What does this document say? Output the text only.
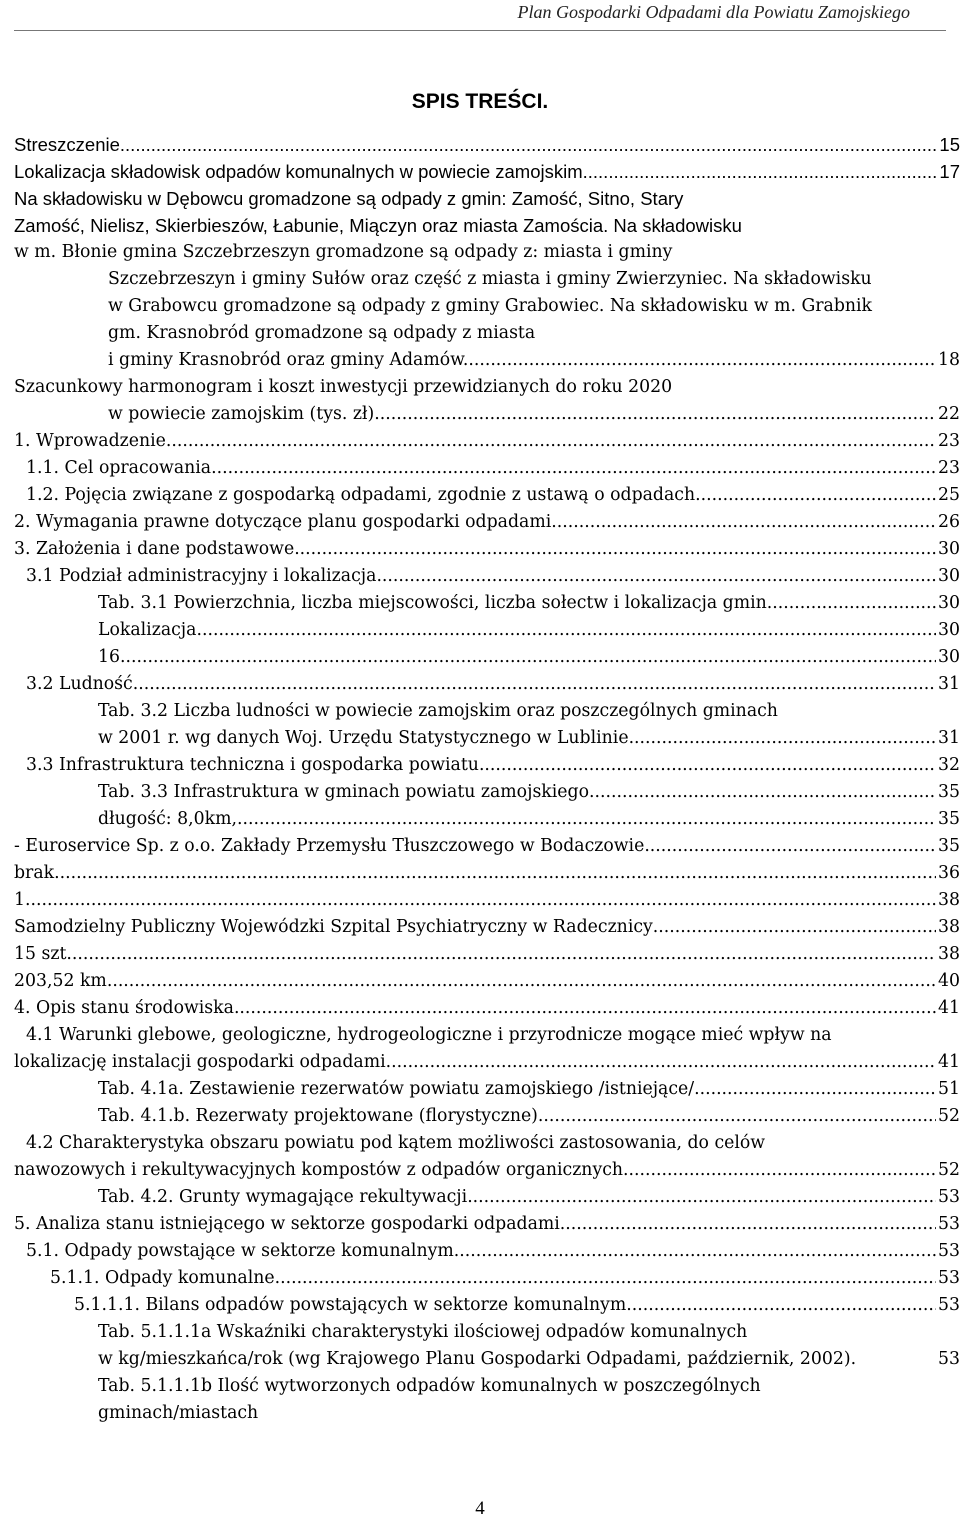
Plan Gospodarki Odpadami dla Powiatu Zamojskiego
SPIS TREŚCI.
Streszczenie .....	15
Lokalizacja składowisk odpadów komunalnych w powiecie zamojskim .....	17
Na składowisku w Dębowcu gromadzone są odpady z gmin: Zamość, Sitno, Stary
Zamość, Nielisz, Skierbieszów, Łabunie, Miączyn oraz miasta Zamościa. Na składowisku
w m. Błonie gmina Szczebrzeszyn gromadzone są odpady z: miasta i gminy
Szczebrzeszyn i gminy Sułów oraz część z miasta i gminy Zwierzyniec. Na składowisku
w Grabowcu gromadzone są odpady z gminy Grabowiec. Na składowisku w m. Grabnik
gm. Krasnobród gromadzone są odpady z miasta
i gminy Krasnobród oraz gminy Adamów. .....	18
Szacunkowy harmonogram i koszt inwestycji przewidzianych do roku 2020
w powiecie zamojskim (tys. zł) .....	22
1. Wprowadzenie .....	23
1.1. Cel opracowania .....	23
1.2. Pojęcia związane z gospodarką odpadami, zgodnie z ustawą o odpadach. .....	25
2. Wymagania prawne dotyczące planu gospodarki odpadami .....	26
3. Założenia i dane podstawowe .....	30
3.1 Podział administracyjny i lokalizacja .....	30
Tab. 3.1 Powierzchnia, liczba miejscowości, liczba sołectw i lokalizacja gmin .....	30
Lokalizacja .....	30
16 .....	30
3.2 Ludność. .....	31
Tab. 3.2 Liczba ludności w powiecie zamojskim oraz poszczególnych gminach
w 2001 r. wg danych Woj. Urzędu Statystycznego w Lublinie .....	31
3.3 Infrastruktura techniczna i gospodarka powiatu .....	32
Tab. 3.3 Infrastruktura w gminach powiatu zamojskiego .....	35
długość: 8,0km, .....	35
- Euroservice Sp. z o.o. Zakłady Przemysłu Tłuszczowego w Bodaczowie .....	35
brak .....	36
1 .....	38
Samodzielny Publiczny Wojewódzki Szpital Psychiatryczny w Radecznicy .....	38
15 szt. .....	38
203,52 km .....	40
4. Opis stanu środowiska .....	41
4.1 Warunki glebowe, geologiczne, hydrogeologiczne i przyrodnicze mogące mieć wpływ na
lokalizację instalacji gospodarki odpadami .....	41
Tab. 4.1a. Zestawienie rezerwatów powiatu zamojskiego /istniejące/ .....	51
Tab. 4.1.b. Rezerwaty projektowane (florystyczne) .....	52
4.2 Charakterystyka obszaru powiatu pod kątem możliwości zastosowania, do celów
nawozowych i rekultywacyjnych kompostów z odpadów organicznych. .....	52
Tab. 4.2. Grunty wymagające rekultywacji .....	53
5. Analiza stanu istniejącego w sektorze gospodarki odpadami .....	53
5.1. Odpady powstające w sektorze komunalnym .....	53
5.1.1. Odpady komunalne .....	53
5.1.1.1. Bilans odpadów powstających w sektorze komunalnym .....	53
Tab. 5.1.1.1a Wskaźniki charakterystyki ilościowej odpadów komunalnych
w kg/mieszkańca/rok (wg Krajowego Planu Gospodarki Odpadami, październik, 2002).	53
Tab. 5.1.1.1b Ilość wytworzonych odpadów komunalnych w poszczególnych
gminach/miastach
4
